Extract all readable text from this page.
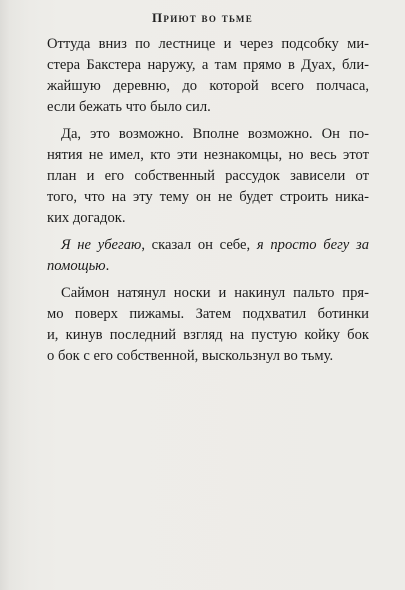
Приют во тьме

Оттуда вниз по лестнице и через подсобку ми-
стера Бакстера наружу, а там прямо в Дуах, бли-
жайшую деревню, до которой всего полчаса,
если бежать что было сил.

Да, это возможно. Вполне возможно. Он по-
нятия не имел, кто эти незнакомцы, но весь этот
план и его собственный рассудок зависели от
того, что на эту тему он не будет строить ника-
ких догадок.

Я не убегаю, сказал он себе, я просто бегу за
помощью.

Саймон натянул носки и накинул пальто пря-
мо поверх пижамы. Затем подхватил ботинки
и, кинув последний взгляд на пустую койку бок
о бок с его собственной, выскользнул во тьму.
